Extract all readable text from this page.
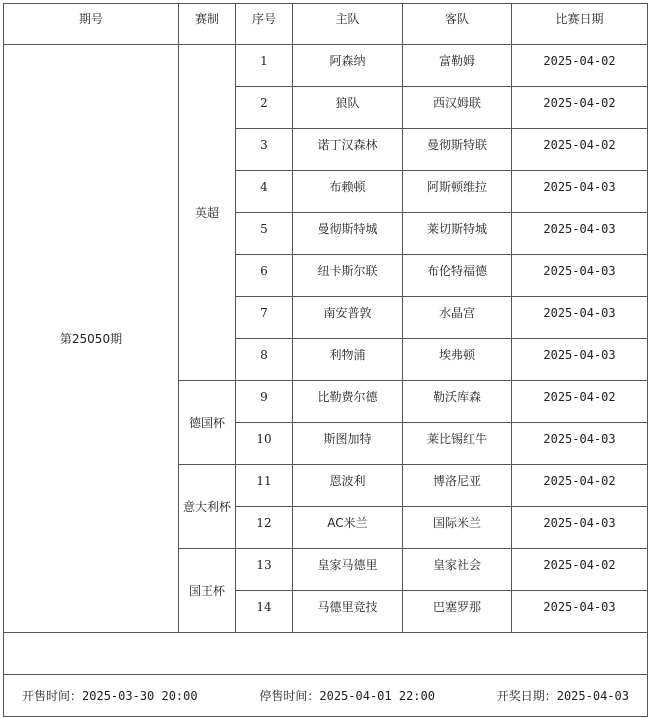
期号	赛制	序号	主队	客队	比赛日期
第25050期	英超	1	阿森纳	富勒姆	2025-04-02
		2	狼队	西汉姆联	2025-04-02
		3	诺丁汉森林	曼彻斯特联	2025-04-02
		4	布赖顿	阿斯顿维拉	2025-04-03
		5	曼彻斯特城	莱切斯特城	2025-04-03
		6	纽卡斯尔联	布伦特福德	2025-04-03
		7	南安普敦	水晶宫	2025-04-03
		8	利物浦	埃弗顿	2025-04-03
	德国杯	9	比勒费尔德	勒沃库森	2025-04-02
		10	斯图加特	莱比锡红牛	2025-04-03
	意大利杯	11	恩波利	博洛尼亚	2025-04-02
		12	AC米兰	国际米兰	2025-04-03
	国王杯	13	皇家马德里	皇家社会	2025-04-02
		14	马德里竞技	巴塞罗那	2025-04-03

开售时间：2025-03-30 20:00 停售时间：2025-04-01 22:00 开奖日期：2025-04-03					
